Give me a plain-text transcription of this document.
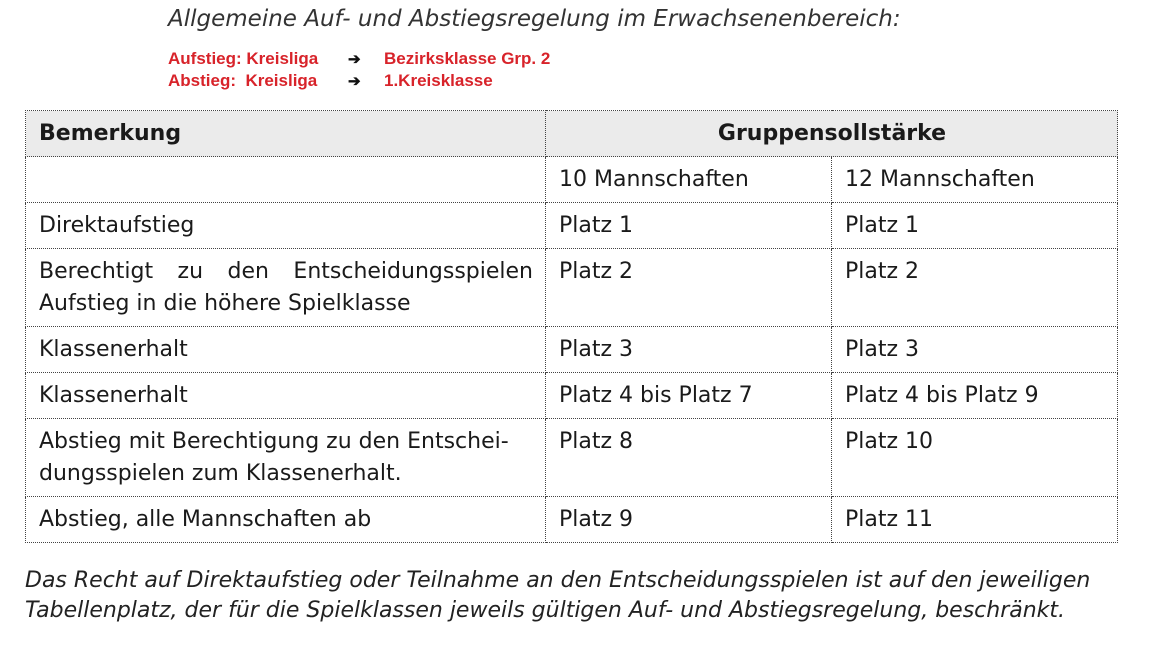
Allgemeine Auf- und Abstiegsregelung im Erwachsenenbereich:
Aufstieg: Kreisliga ➔ Bezirksklasse Grp. 2
Abstieg:  Kreisliga ➔ 1.Kreisklasse
Bemerkung	Gruppensollstärke	
	10 Mannschaften	12 Mannschaften
Direktaufstieg	Platz 1	Platz 1
Berechtigt zu den Entscheidungsspielen Aufstieg in die höhere Spielklasse	Platz 2	Platz 2
Klassenerhalt	Platz 3	Platz 3
Klassenerhalt	Platz 4 bis Platz 7	Platz 4 bis Platz 9
Abstieg mit Berechtigung zu den Entschei-dungsspielen zum Klassenerhalt.	Platz 8	Platz 10
Abstieg, alle Mannschaften ab	Platz 9	Platz 11
Das Recht auf Direktaufstieg oder Teilnahme an den Entscheidungsspielen ist auf den jeweiligen Tabellenplatz, der für die Spielklassen jeweils gültigen Auf- und Abstiegsregelung, beschränkt.
